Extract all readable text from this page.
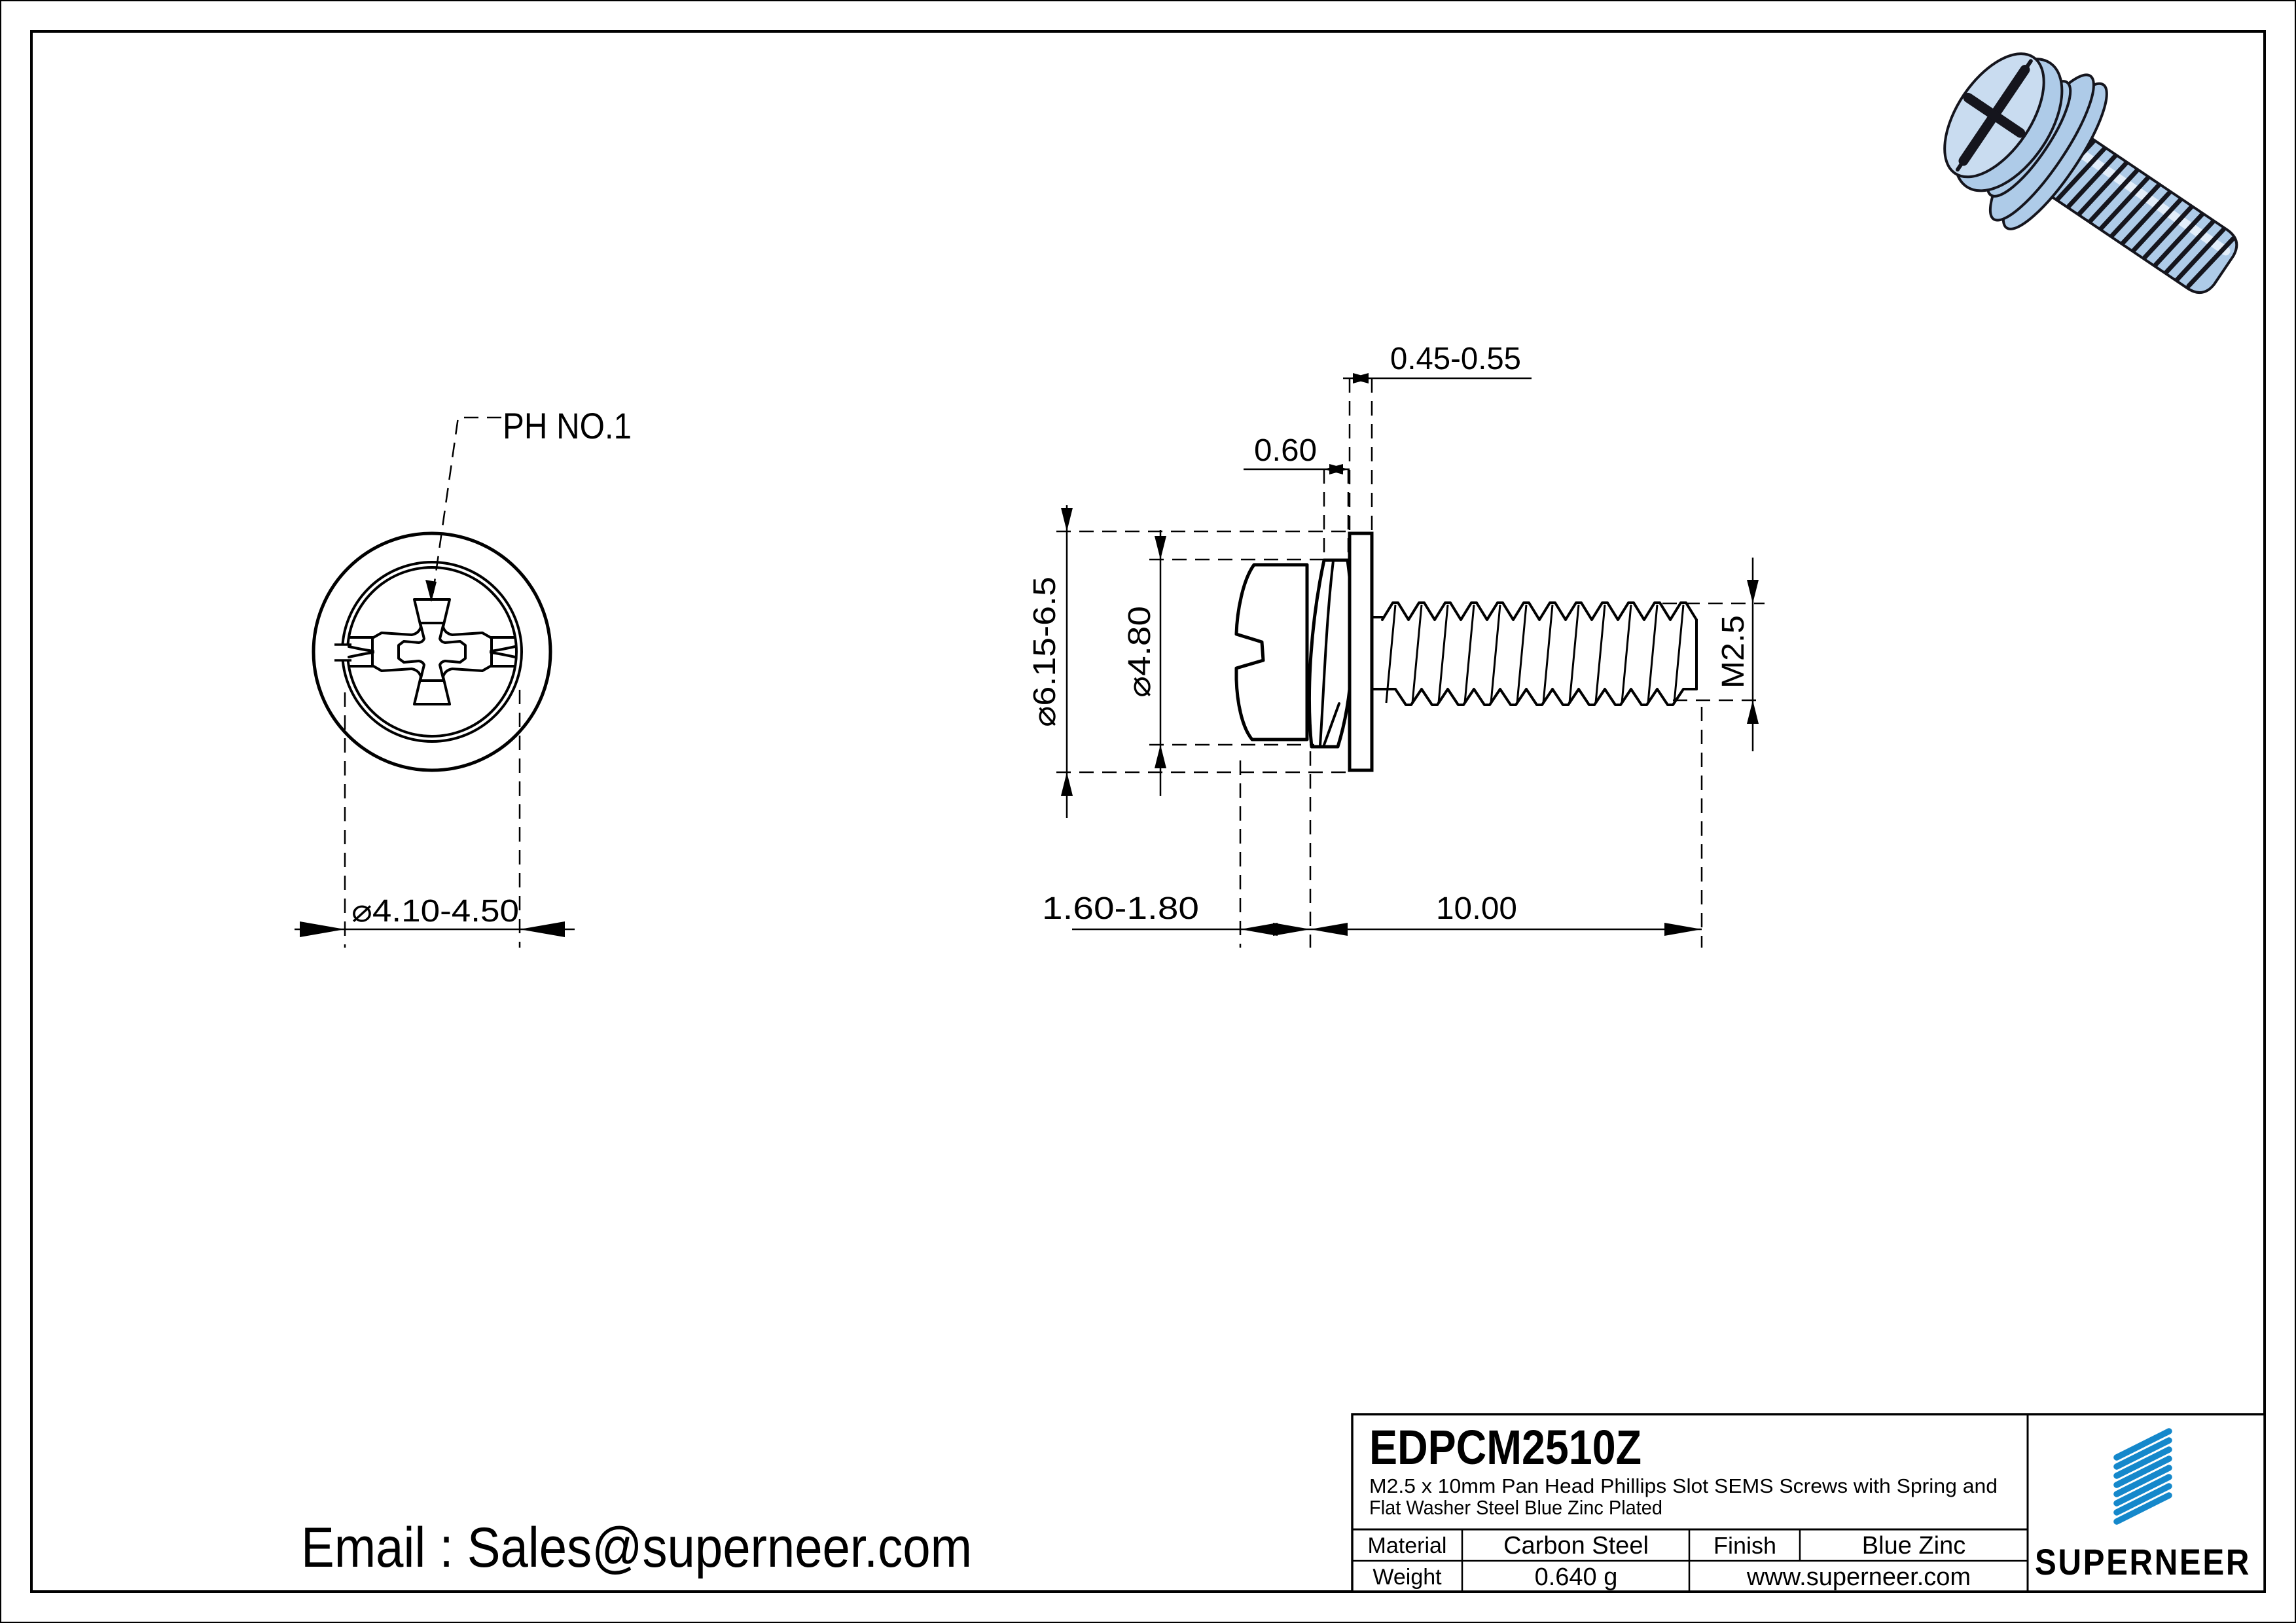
PH NO.1
⌀4.10-4.50
⌀6.15-6.5 ⌀4.80	M2.5
0.60
0.45-0.55
1.60-1.80	10.00
Email : Sales@superneer.com
EDPCM2510Z
M2.5 x 10mm Pan Head Phillips Slot SEMS Screws with Spring and
Flat Washer Steel Blue Zinc Plated
Material Carbon Steel	Finish	Blue Zinc
Weight	0.640 g	www.superneer.com SUPERNEER
